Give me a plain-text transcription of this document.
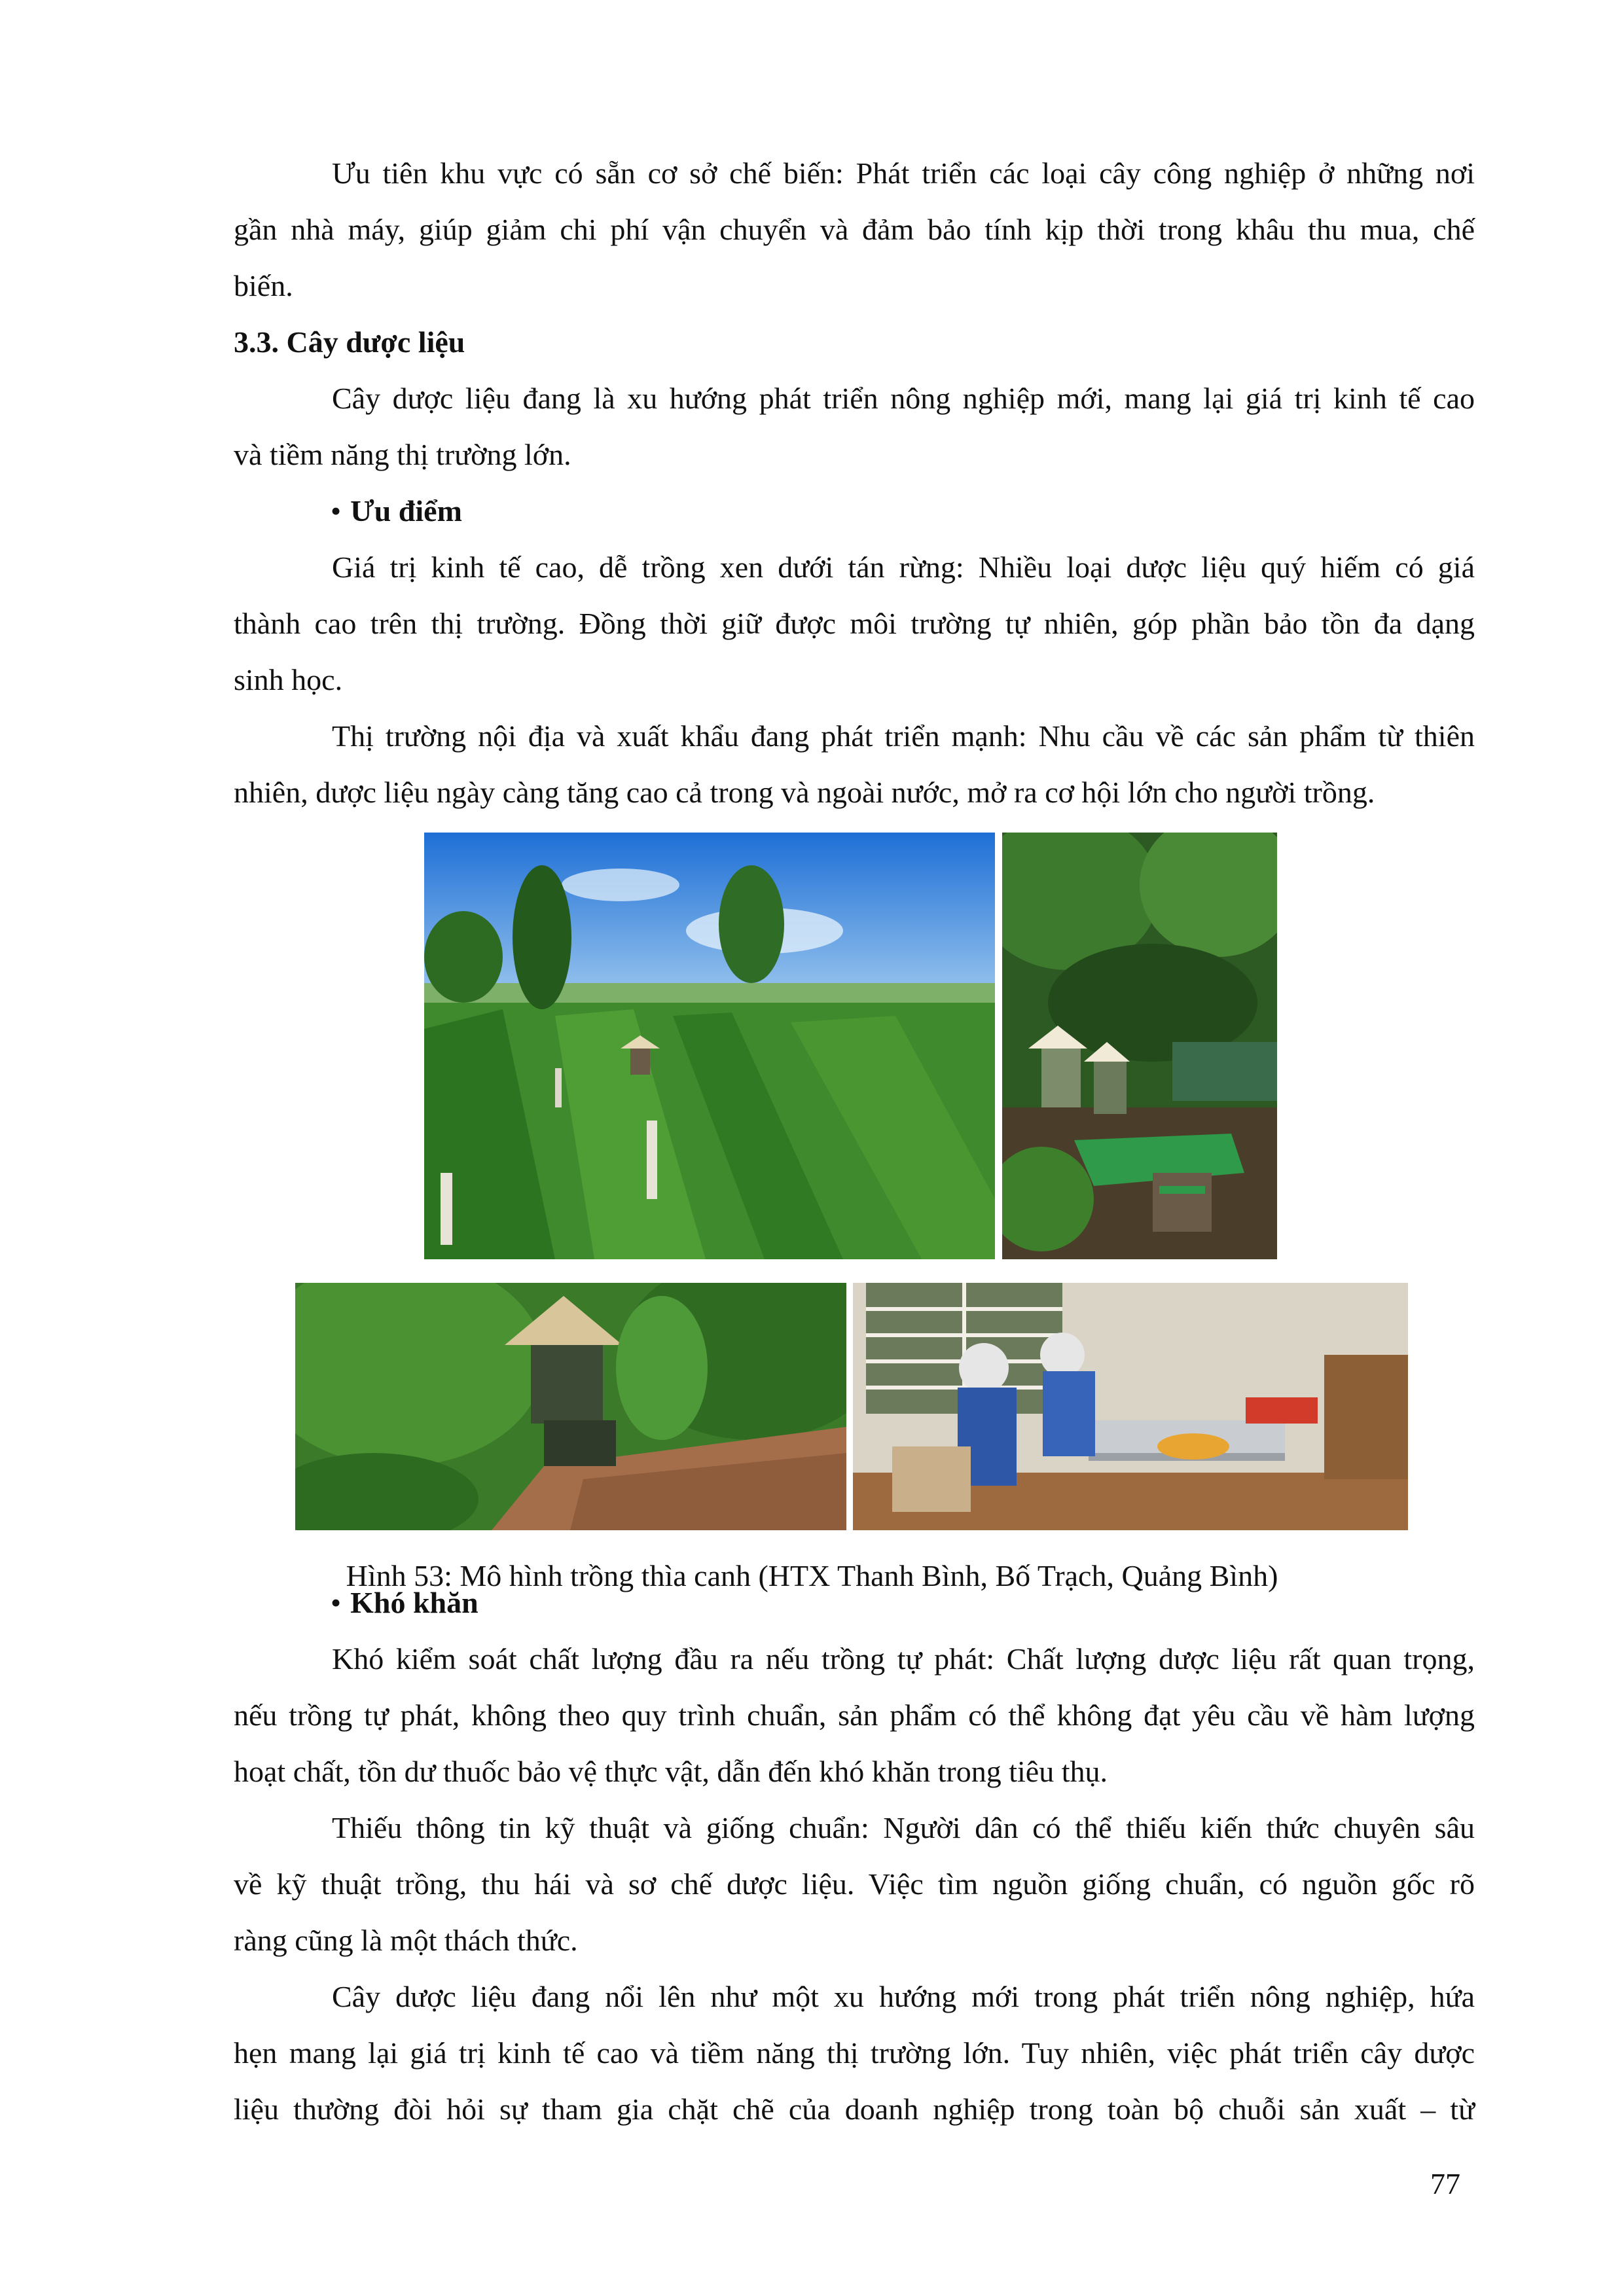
Ưu tiên khu vực có sẵn cơ sở chế biến: Phát triển các loại cây công nghiệp ở những nơi
gần nhà máy, giúp giảm chi phí vận chuyển và đảm bảo tính kịp thời trong khâu thu mua, chế
biến.
3.3. Cây dược liệu
Cây dược liệu đang là xu hướng phát triển nông nghiệp mới, mang lại giá trị kinh tế cao
và tiềm năng thị trường lớn.
• Ưu điểm
Giá trị kinh tế cao, dễ trồng xen dưới tán rừng: Nhiều loại dược liệu quý hiếm có giá
thành cao trên thị trường. Đồng thời giữ được môi trường tự nhiên, góp phần bảo tồn đa dạng
sinh học.
Thị trường nội địa và xuất khẩu đang phát triển mạnh: Nhu cầu về các sản phẩm từ thiên
nhiên, dược liệu ngày càng tăng cao cả trong và ngoài nước, mở ra cơ hội lớn cho người trồng.
Hình 53: Mô hình trồng thìa canh (HTX Thanh Bình, Bố Trạch, Quảng Bình)
• Khó khăn
Khó kiểm soát chất lượng đầu ra nếu trồng tự phát: Chất lượng dược liệu rất quan trọng,
nếu trồng tự phát, không theo quy trình chuẩn, sản phẩm có thể không đạt yêu cầu về hàm lượng
hoạt chất, tồn dư thuốc bảo vệ thực vật, dẫn đến khó khăn trong tiêu thụ.
Thiếu thông tin kỹ thuật và giống chuẩn: Người dân có thể thiếu kiến thức chuyên sâu
về kỹ thuật trồng, thu hái và sơ chế dược liệu. Việc tìm nguồn giống chuẩn, có nguồn gốc rõ
ràng cũng là một thách thức.
Cây dược liệu đang nổi lên như một xu hướng mới trong phát triển nông nghiệp, hứa
hẹn mang lại giá trị kinh tế cao và tiềm năng thị trường lớn. Tuy nhiên, việc phát triển cây dược
liệu thường đòi hỏi sự tham gia chặt chẽ của doanh nghiệp trong toàn bộ chuỗi sản xuất – từ
77
